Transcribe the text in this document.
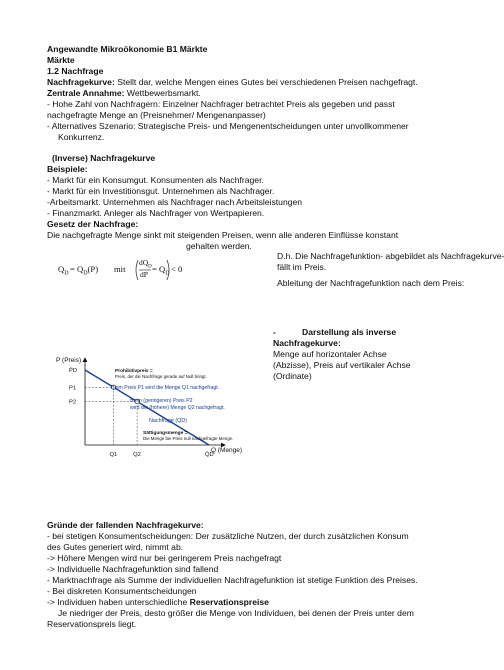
Angewandte Mikroökonomie B1 Märkte
Märkte
1.2 Nachfrage
Nachfragekurve: Stellt dar, welche Mengen eines Gutes bei verschiedenen Preisen nachgefragt.
Zentrale Annahme: Wettbewerbsmarkt.
- Hohe Zahl von Nachfragern: Einzelner Nachfrager betrachtet Preis als gegeben und passt
nachgefragte Menge an (Preisnehmer/ Mengenanpasser)
- Alternatives Szenario: Strategische Preis- und Mengenentscheidungen unter unvollkommener
Konkurrenz.
(Inverse) Nachfragekurve
Beispiele:
- Markt für ein Konsumgut. Konsumenten als Nachfrager.
- Markt für ein Investitionsgut. Unternehmen als Nachfrager.
-Arbeitsmarkt. Unternehmen als Nachfrager nach Arbeitsleistungen
- Finanzmarkt. Anleger als Nachfrager von Wertpapieren.
Gesetz der Nachfrage:
Die nachgefragte Menge sinkt mit steigenden Preisen, wenn alle anderen Einflüsse konstant
gehalten werden.
D.h. Die Nachfragefunktion- abgebildet als Nachfragekurve-
fällt im Preis.
$Q_D = Q_D(P)$ mit
$dQ_D$
dP
= $Q_D < 0$
Ableitung der Nachfragefunktion nach dem Preis:
-	Darstellung als inverse
Nachfragekurve:
Menge auf horizontaler Achse
(Abzisse), Preis auf vertikaler Achse
(Ordinate)
P (Preis)
Q (Menge)
P̄D
P1
P2
Q1	Q2	Q̄D
Prohibitivpreis =
Preis, der die Nachfrage gerade auf Null bringt.
Beim Preis P1 wird die Menge Q1 nachgefragt.
Beim (geringeren) Preis P2
wird die (höhere) Menge Q2 nachgefragt.
Nachfrage (QD)
Sättigungsmenge =
Die Menge bei Preis null nachgefragte Menge.
Gründe der fallenden Nachfragekurve:
- bei stetigen Konsumentscheidungen: Der zusätzliche Nutzen, der durch zusätzlichen Konsum
des Gutes generiert wird, nimmt ab.
-> Höhere Mengen wird nur bei geringerem Preis nachgefragt
-> Individuelle Nachfragefunktion sind fallend
- Marktnachfrage als Summe der individuellen Nachfragefunktion ist stetige Funktion des Preises.
- Bei diskreten Konsumentscheidungen
-> Individuen haben unterschiedliche Reservationspreise
Je niedriger der Preis, desto größer die Menge von Individuen, bei denen der Preis unter dem
Reservationspreis liegt.
